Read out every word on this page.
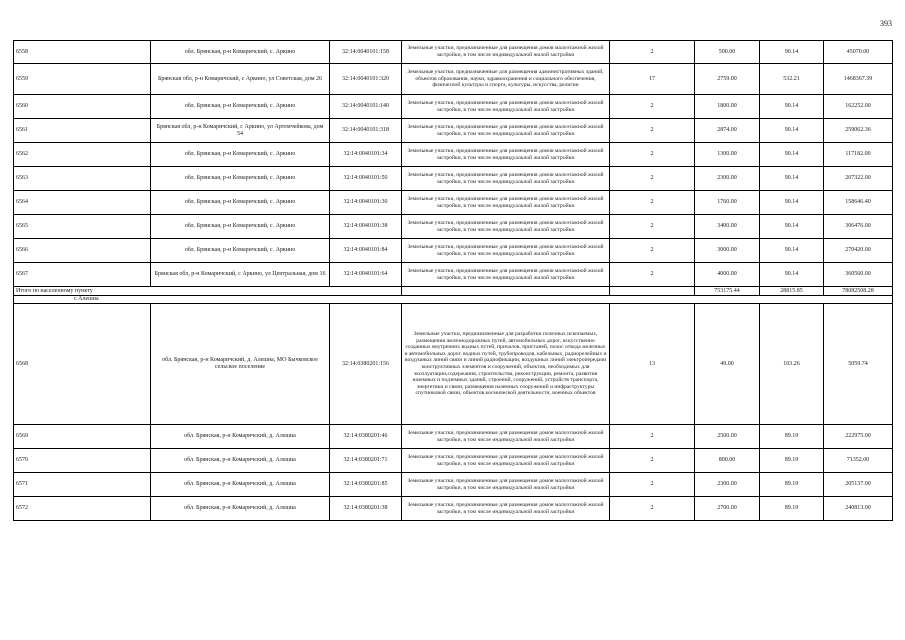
393
6558	обл. Брянская, р-н Комаричский, с. Аркино	32:14:0040101:158	Земельные участки, предназначенные для размещения домов малоэтажной жилой застройки, в том числе индивидуальной жилой застройки	2	500.00	90.14	45070.00
6559	Брянская обл, р-н Комаричский, с Аркино, ул Советская, дом 26	32:14:0040101:320	Земельные участки, предназначенные для размещения административных зданий, объектов образования, науки, здравоохранения и социального обеспечения, физической культуры и спорта, культуры, искусства, религии	17	2759.00	532.21	1468367.39
6560	обл. Брянская, р-н Комаричский, с. Аркино	32:14:0040101:140	Земельные участки, предназначенные для размещения домов малоэтажной жилой застройки, в том числе индивидуальной жилой застройки	2	1800.00	90.14	162252.00
6561	Брянская обл, р-н Комаричский, с Аркино, ул Артемчейкова, дом 54	32:14:0040101:318	Земельные участки, предназначенные для размещения домов малоэтажной жилой застройки, в том числе индивидуальной жилой застройки	2	2874.00	90.14	259062.36
6562	обл. Брянская, р-н Комаричский, с. Аркино	32:14:0040101:34	Земельные участки, предназначенные для размещения домов малоэтажной жилой застройки, в том числе индивидуальной жилой застройки	2	1300.00	90.14	117182.00
6563	обл. Брянская, р-н Комаричский, с. Аркино	32:14:0040101:50	Земельные участки, предназначенные для размещения домов малоэтажной жилой застройки, в том числе индивидуальной жилой застройки	2	2300.00	90.14	207322.00
6564	обл. Брянская, р-н Комаричский, с. Аркино	32:14:0040101:30	Земельные участки, предназначенные для размещения домов малоэтажной жилой застройки, в том числе индивидуальной жилой застройки	2	1760.00	90.14	158646.40
6565	обл. Брянская, р-н Комаричский, с. Аркино	32:14:0040101:38	Земельные участки, предназначенные для размещения домов малоэтажной жилой застройки, в том числе индивидуальной жилой застройки	2	3400.00	90.14	306476.00
6566	обл. Брянская, р-н Комаричский, с. Аркино	32:14:0040101:84	Земельные участки, предназначенные для размещения домов малоэтажной жилой застройки, в том числе индивидуальной жилой застройки	2	3000.00	90.14	270420.00
6567	Брянская обл, р-н Комаричский, с Аркино, ул Центральная, дом 16	32:14:0040101:64	Земельные участки, предназначенные для размещения домов малоэтажной жилой застройки, в том числе индивидуальной жилой застройки	2	4000.00	90.14	360560.00
Итого по населенному пункту					753175.44	28815.85	78082508.28
с Алешна							
6568	обл. Брянская, р-н Комаричский, д. Алешна, МО Бычковское сельское поселение	32:14:0380201:156	Земельные участки, предназначенные для разработки полезных ископаемых, размещения железнодорожных путей, автомобильных дорог, искусственно созданных внутренних водных путей, причалов, пристаней, полос отвода железных и автомобильных дорог, водных путей, трубопроводов, кабельных, радиорелейных и воздушных линий связи и линий радиофикации, воздушных линий электропередачи конструктивных элементов и сооружений, объектов, необходимых для эксплуатации,содержания, строительства, реконструкции, ремонта, развития наземных и подземных зданий, строений, сооружений, устройств транспорта, энергетики и связи; размещения наземных сооружений и инфраструктуры спутниковой связи, объектов космической деятельности, военных объектов	13	49.00	103.26	5059.74
6569	обл. Брянская, р-н Комаричский, д. Алешна	32:14:0380201:46	Земельные участки, предназначенные для размещения домов малоэтажной жилой застройки, в том числе индивидуальной жилой застройки	2	2500.00	89.19	222975.00
6570	обл. Брянская, р-н Комаричский, д. Алешна	32:14:0380201:71	Земельные участки, предназначенные для размещения домов малоэтажной жилой застройки, в том числе индивидуальной жилой застройки	2	800.00	89.19	71352.00
6571	обл. Брянская, р-н Комаричский, д. Алешна	32:14:0380201:85	Земельные участки, предназначенные для размещения домов малоэтажной жилой застройки, в том числе индивидуальной жилой застройки	2	2300.00	89.19	205137.00
6572	обл. Брянская, р-н Комаричский, д. Алешна	32:14:0380201:38	Земельные участки, предназначенные для размещения домов малоэтажной жилой застройки, в том числе индивидуальной жилой застройки	2	2700.00	89.19	240813.00
